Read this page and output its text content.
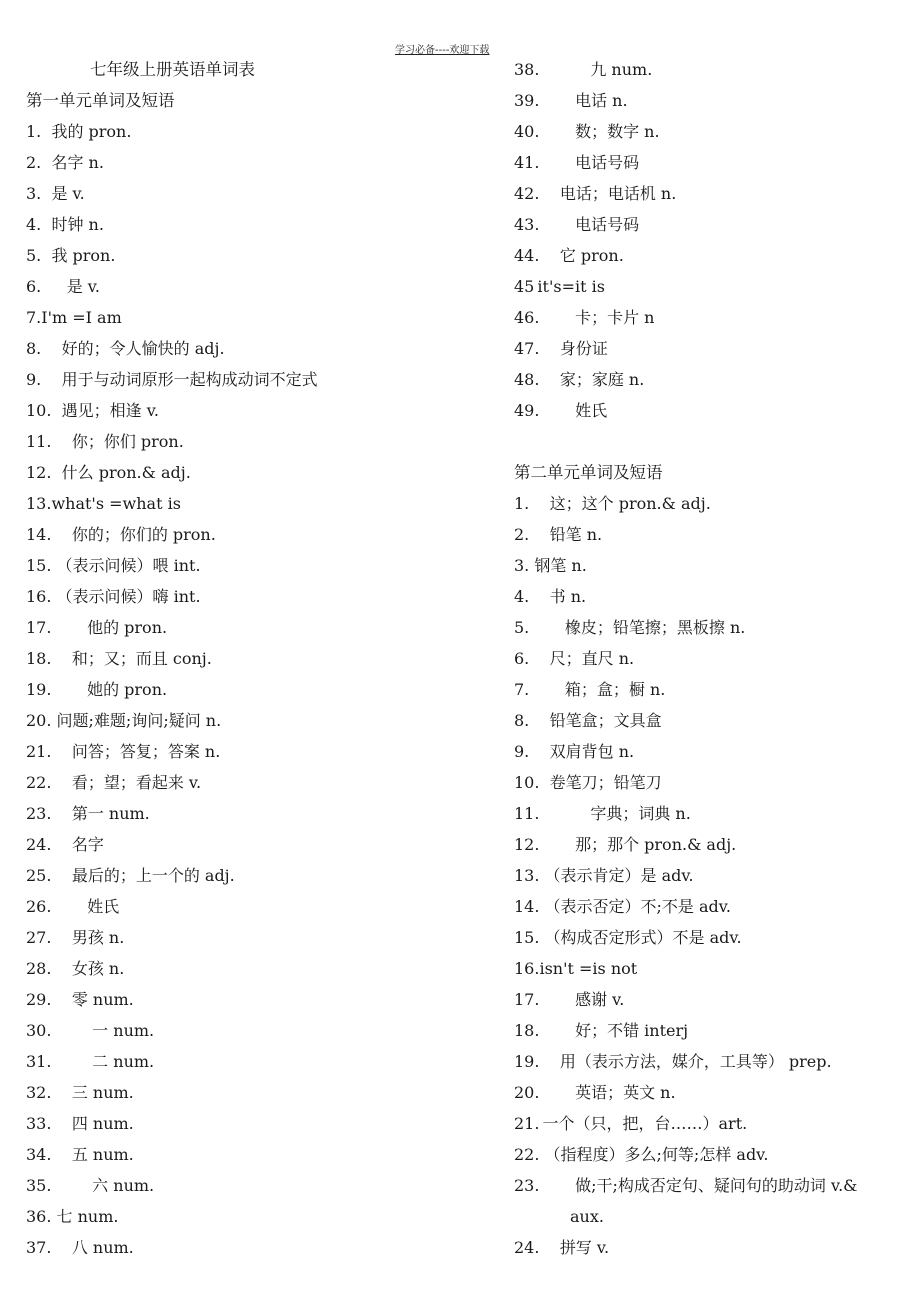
学习必备----欢迎下载
七年级上册英语单词表
第一单元单词及短语
1. 我的 pron.
2. 名字 n.
3. 是 v.
4. 时钟 n.
5. 我 pron.
6. 是 v.
7.I'm =I am
8. 好的；令人愉快的 adj.
9. 用于与动词原形一起构成动词不定式
10. 遇见；相逢 v.
11. 你；你们 pron.
12. 什么 pron.& adj.
13.what's =what is
14. 你的；你们的 pron.
15. （表示问候）喂 int.
16. （表示问候）嗨 int.
17. 他的 pron.
18. 和；又；而且 conj.
19. 她的 pron.
20. 问题;难题;询问;疑问 n.
21. 问答；答复；答案 n.
22. 看；望；看起来 v.
23. 第一 num.
24. 名字
25. 最后的；上一个的 adj.
26. 姓氏
27. 男孩 n.
28. 女孩 n.
29. 零 num.
30.	一 num.
31.	二 num.
32. 三 num.
33. 四 num.
34. 五 num.
35.	六 num.
36. 七 num.
37. 八 num.
38.	九 num.
39. 电话 n.
40. 数；数字 n.
41. 电话号码
42. 电话；电话机 n.
43. 电话号码
44. 它 pron.
45 it's=it is
46. 卡；卡片 n
47. 身份证
48. 家；家庭 n.
49. 姓氏
第二单元单词及短语
1. 这；这个 pron.& adj.
2. 铅笔 n.
3. 钢笔 n.
4. 书 n.
5. 橡皮；铅笔擦；黑板擦 n.
6. 尺；直尺 n.
7. 箱；盒；橱 n.
8. 铅笔盒；文具盒
9. 双肩背包 n.
10. 卷笔刀；铅笔刀
11.	字典；词典 n.
12. 那；那个 pron.& adj.
13. （表示肯定）是 adv.
14. （表示否定）不;不是 adv.
15. （构成否定形式）不是 adv.
16.isn't =is not
17. 感谢 v.
18. 好；不错 interj
19. 用（表示方法，媒介，工具等） prep.
20. 英语；英文 n.
21. 一个（只，把，台……）art.
22. （指程度）多么;何等;怎样 adv.
23. 做;干;构成否定句、疑问句的助动词 v.&
aux.
24. 拼写 v.
